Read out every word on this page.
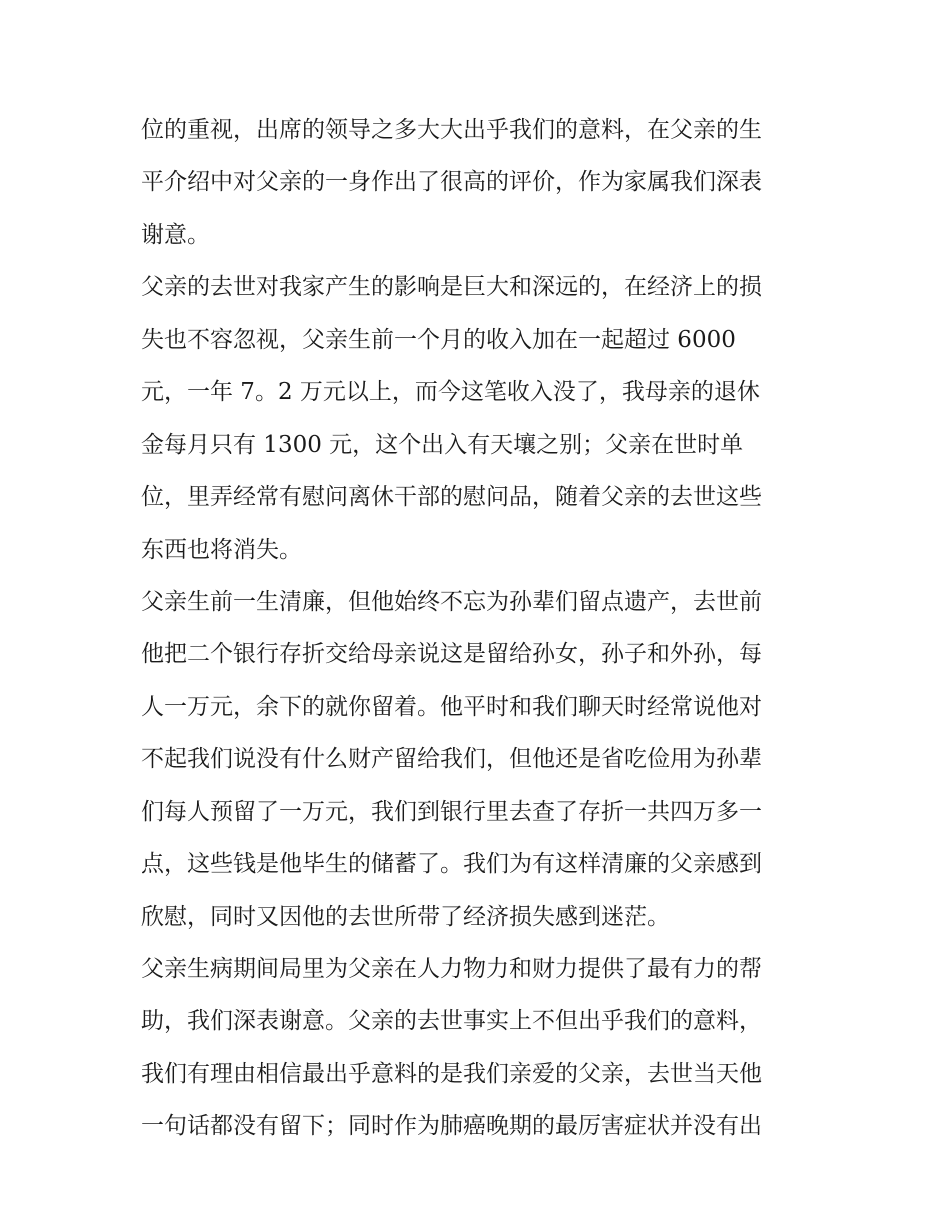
位的重视，出席的领导之多大大出乎我们的意料，在父亲的生
平介绍中对父亲的一身作出了很高的评价，作为家属我们深表
谢意。
父亲的去世对我家产生的影响是巨大和深远的，在经济上的损
失也不容忽视，父亲生前一个月的收入加在一起超过 6000
元，一年 7。2 万元以上，而今这笔收入没了，我母亲的退休
金每月只有 1300 元，这个出入有天壤之别；父亲在世时单
位，里弄经常有慰问离休干部的慰问品，随着父亲的去世这些
东西也将消失。
父亲生前一生清廉，但他始终不忘为孙辈们留点遗产，去世前
他把二个银行存折交给母亲说这是留给孙女，孙子和外孙，每
人一万元，余下的就你留着。他平时和我们聊天时经常说他对
不起我们说没有什么财产留给我们，但他还是省吃俭用为孙辈
们每人预留了一万元，我们到银行里去查了存折一共四万多一
点，这些钱是他毕生的储蓄了。我们为有这样清廉的父亲感到
欣慰，同时又因他的去世所带了经济损失感到迷茫。
父亲生病期间局里为父亲在人力物力和财力提供了最有力的帮
助，我们深表谢意。父亲的去世事实上不但出乎我们的意料，
我们有理由相信最出乎意料的是我们亲爱的父亲，去世当天他
一句话都没有留下；同时作为肺癌晚期的最厉害症状并没有出
